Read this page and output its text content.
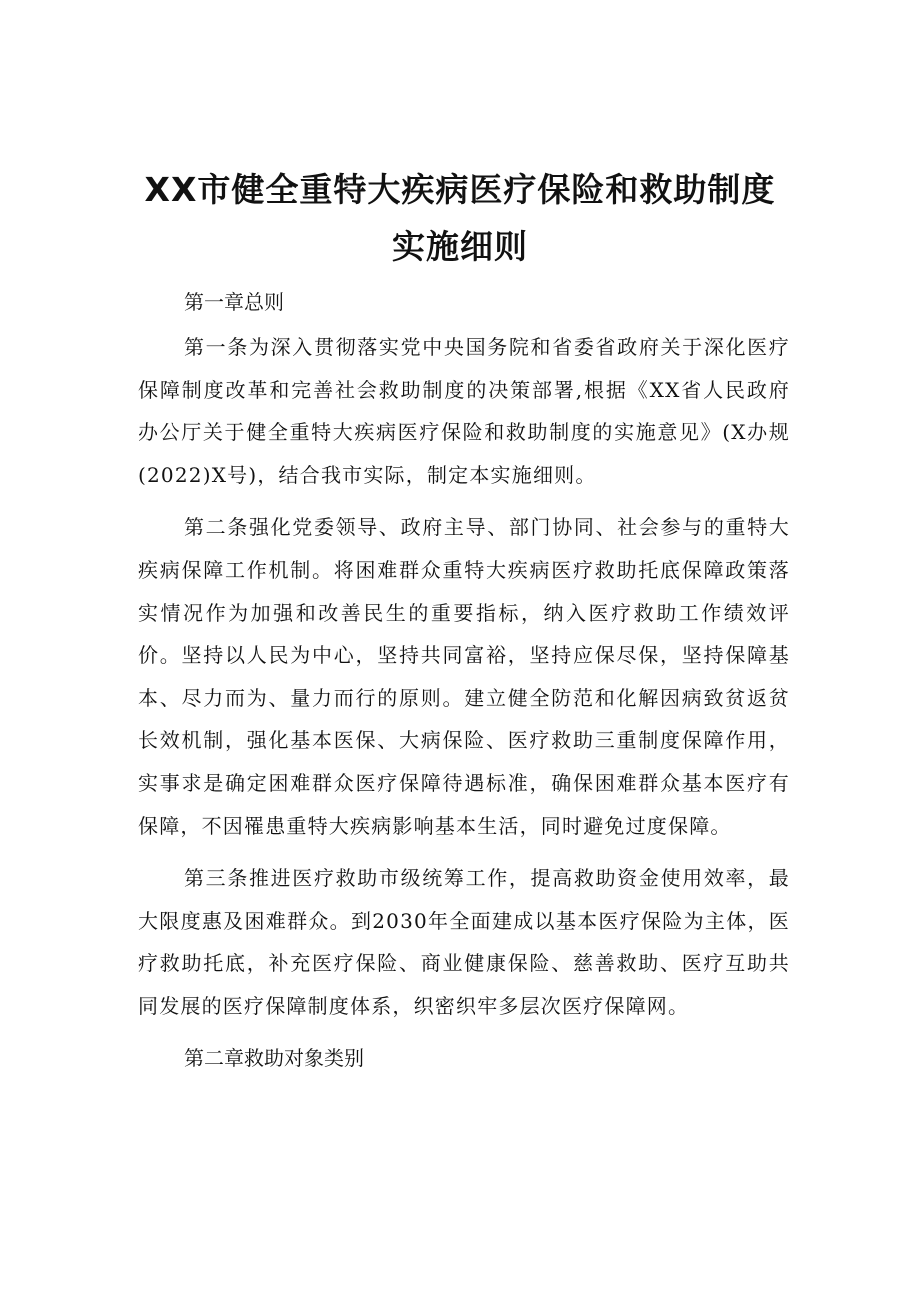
XX市健全重特大疾病医疗保险和救助制度
实施细则

第一章总则

第一条为深入贯彻落实党中央国务院和省委省政府关于深化医疗保障制度改革和完善社会救助制度的决策部署,根据《XX省人民政府办公厅关于健全重特大疾病医疗保险和救助制度的实施意见》(X办规(2022)X号)，结合我市实际，制定本实施细则。

第二条强化党委领导、政府主导、部门协同、社会参与的重特大疾病保障工作机制。将困难群众重特大疾病医疗救助托底保障政策落实情况作为加强和改善民生的重要指标，纳入医疗救助工作绩效评价。坚持以人民为中心，坚持共同富裕，坚持应保尽保，坚持保障基本、尽力而为、量力而行的原则。建立健全防范和化解因病致贫返贫长效机制，强化基本医保、大病保险、医疗救助三重制度保障作用，实事求是确定困难群众医疗保障待遇标准，确保困难群众基本医疗有保障，不因罹患重特大疾病影响基本生活，同时避免过度保障。

第三条推进医疗救助市级统筹工作，提高救助资金使用效率，最大限度惠及困难群众。到2030年全面建成以基本医疗保险为主体，医疗救助托底，补充医疗保险、商业健康保险、慈善救助、医疗互助共同发展的医疗保障制度体系，织密织牢多层次医疗保障网。

第二章救助对象类别
